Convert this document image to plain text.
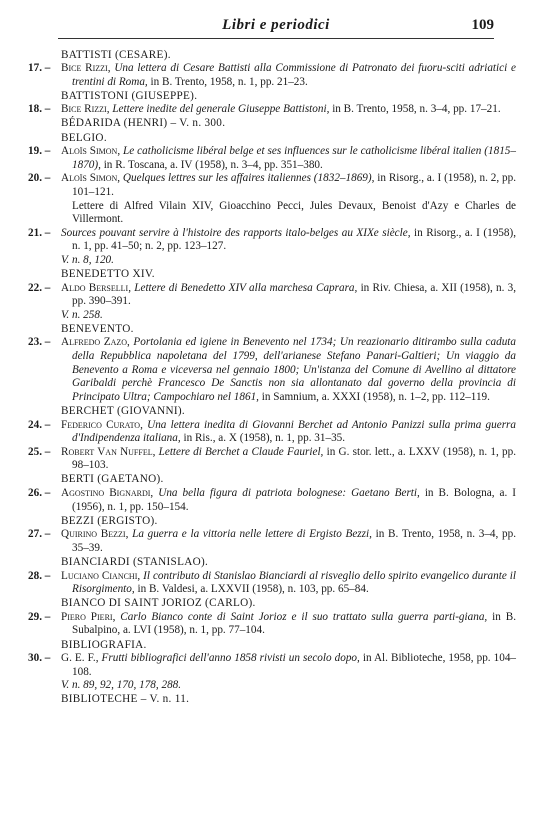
Libri e periodici	109
BATTISTI (CESARE).
17. – Bice Rizzi, Una lettera di Cesare Battisti alla Commissione di Patronato dei fuoru-sciti adriatici e trentini di Roma, in B. Trento, 1958, n. 1, pp. 21–23.
BATTISTONI (GIUSEPPE).
18. – Bice Rizzi, Lettere inedite del generale Giuseppe Battistoni, in B. Trento, 1958, n. 3–4, pp. 17–21.
BÉDARIDA (HENRI) – V. n. 300.
BELGIO.
19. – Aloïs Simon, Le catholicisme libéral belge et ses influences sur le catholicisme libéral italien (1815–1870), in R. Toscana, a. IV (1958), n. 3–4, pp. 351–380.
20. – Aloïs Simon, Quelques lettres sur les affaires italiennes (1832–1869), in Risorg., a. I (1958), n. 2, pp. 101–121.
Lettere di Alfred Vilain XIV, Gioacchino Pecci, Jules Devaux, Benoist d'Azy e Charles de Villermont.
21. – Sources pouvant servire à l'histoire des rapports italo-belges au XIXe siècle, in Risorg., a. I (1958), n. 1, pp. 41–50; n. 2, pp. 123–127.
V. n. 8, 120.
BENEDETTO XIV.
22. – Aldo Berselli, Lettere di Benedetto XIV alla marchesa Caprara, in Riv. Chiesa, a. XII (1958), n. 3, pp. 390–391.
V. n. 258.
BENEVENTO.
23. – Alfredo Zazo, Portolania ed igiene in Benevento nel 1734; Un reazionario ditirambo sulla caduta della Repubblica napoletana del 1799, dell'arianese Stefano Panari-Galtieri; Un viaggio da Benevento a Roma e viceversa nel gennaio 1800; Un'istanza del Comune di Avellino al dittatore Garibaldi perchè Francesco De Sanctis non sia allontanato dal governo della provincia di Principato Ultra; Campochiaro nel 1861, in Samnium, a. XXXI (1958), n. 1–2, pp. 112–119.
BERCHET (GIOVANNI).
24. – Federico Curato, Una lettera inedita di Giovanni Berchet ad Antonio Panizzi sulla prima guerra d'Indipendenza italiana, in Ris., a. X (1958), n. 1, pp. 31–35.
25. – Robert Van Nuffel, Lettere di Berchet a Claude Fauriel, in G. stor. lett., a. LXXV (1958), n. 1, pp. 98–103.
BERTI (GAETANO).
26. – Agostino Bignardi, Una bella figura di patriota bolognese: Gaetano Berti, in B. Bologna, a. I (1956), n. 1, pp. 150–154.
BEZZI (ERGISTO).
27. – Quirino Bezzi, La guerra e la vittoria nelle lettere di Ergisto Bezzi, in B. Trento, 1958, n. 3–4, pp. 35–39.
BIANCIARDI (STANISLAO).
28. – Luciano Cianchi, Il contributo di Stanislao Bianciardi al risveglio dello spirito evangelico durante il Risorgimento, in B. Valdesi, a. LXXVII (1958), n. 103, pp. 65–84.
BIANCO DI SAINT JORIOZ (CARLO).
29. – Piero Pieri, Carlo Bianco conte di Saint Jorioz e il suo trattato sulla guerra parti-giana, in B. Subalpino, a. LVI (1958), n. 1, pp. 77–104.
BIBLIOGRAFIA.
30. – G. E. F., Frutti bibliografici dell'anno 1858 rivisti un secolo dopo, in Al. Biblioteche, 1958, pp. 104–108.
V. n. 89, 92, 170, 178, 288.
BIBLIOTECHE – V. n. 11.
